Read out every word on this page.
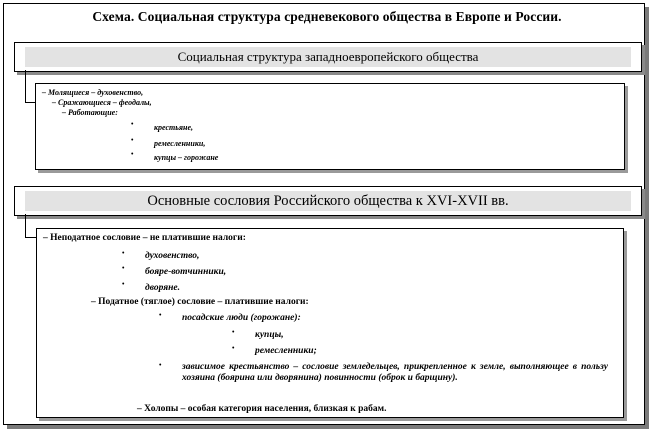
Схема. Социальная структура средневекового общества в Европе и России.
Социальная структура западноевропейского общества
– Молящиеся – духовенство,
– Сражающиеся – феодалы,
– Работающие:
•	крестьяне,
•	ремесленники,
•	купцы – горожане
Основные сословия Российского общества к XVI-XVII вв.
– Неподатное сословие – не платившие налоги:
• духовенство,
• бояре-вотчинники,
• дворяне.
– Податное (тяглое) сословие – платившие налоги:
• посадские люди (горожане):
• купцы,
• ремесленники;
• зависимое крестьянство – сословие земледельцев, прикрепленное к земле, выполняющее в пользу хозяина (боярина или дворянина) повинности (оброк и барщину).
– Холопы – особая категория населения, близкая к рабам.
